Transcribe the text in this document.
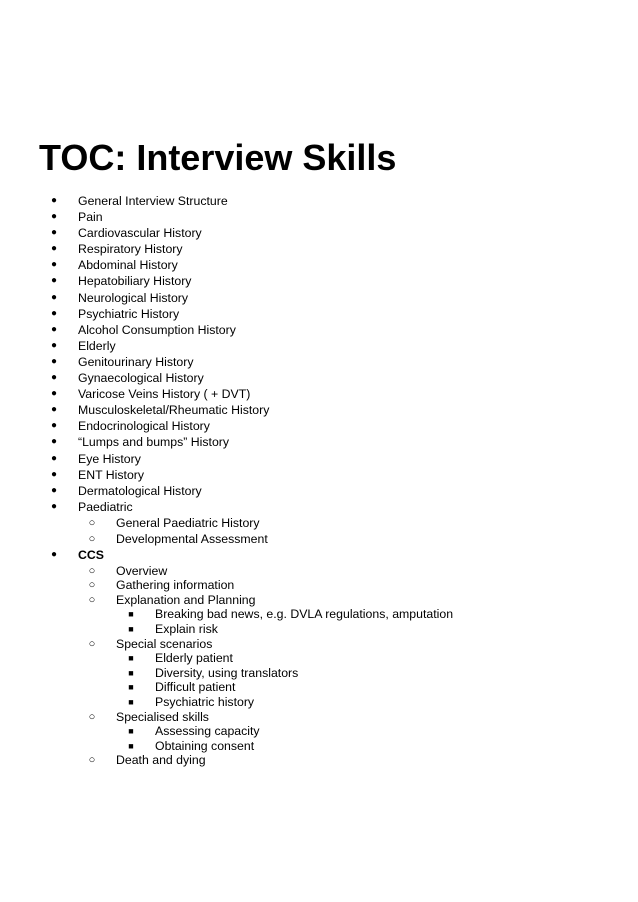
TOC: Interview Skills
●	General Interview Structure
●	Pain
●	Cardiovascular History
●	Respiratory History
●	Abdominal History
●	Hepatobiliary History
●	Neurological History
●	Psychiatric History
●	Alcohol Consumption History
●	Elderly
●	Genitourinary History
●	Gynaecological History
●	Varicose Veins History ( + DVT)
●	Musculoskeletal/Rheumatic History
●	Endocrinological History
●	“Lumps and bumps” History
●	Eye History
●	ENT History
●	Dermatological History
●	Paediatric
○ General Paediatric History
○ Developmental Assessment
●	CCS
○ Overview
○ Gathering information
○ Explanation and Planning
■	Breaking bad news, e.g. DVLA regulations, amputation
■	Explain risk
○ Special scenarios
■	Elderly patient
■	Diversity, using translators
■	Difficult patient
■	Psychiatric history
○ Specialised skills
■	Assessing capacity
■	Obtaining consent
○ Death and dying
